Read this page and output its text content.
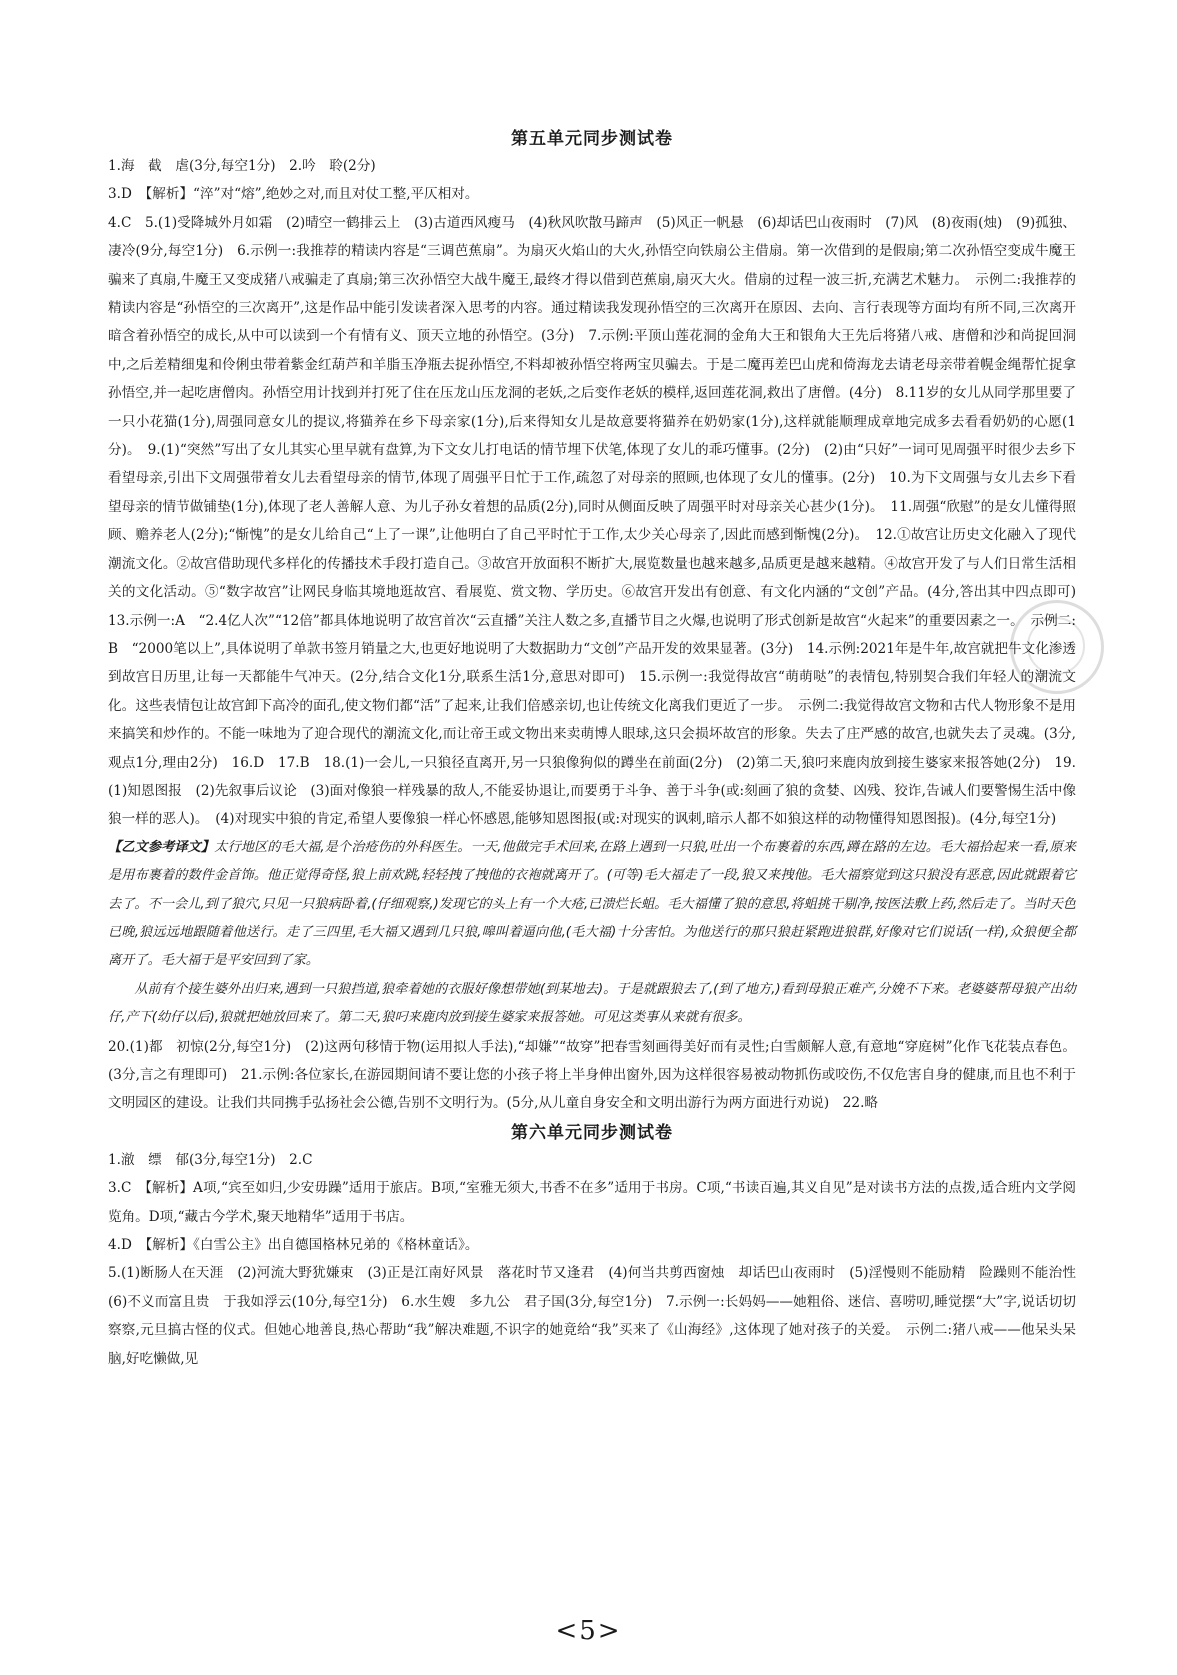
第五单元同步测试卷
1.海　截　虐(3分,每空1分)　2.吟　聆(2分)
3.D　【解析】“淬”对“熔”,绝妙之对,而且对仗工整,平仄相对。
4.C　5.(1)受降城外月如霜　(2)晴空一鹤排云上　(3)古道西风瘦马　(4)秋风吹散马蹄声　(5)风正一帆悬　(6)却话巴山夜雨时　(7)风　(8)夜雨(烛)　(9)孤独、凄冷(9分,每空1分)　6.示例一:我推荐的精读内容是“三调芭蕉扇”。为扇灭火焰山的大火,孙悟空向铁扇公主借扇。第一次借到的是假扇;第二次孙悟空变成牛魔王骗来了真扇,牛魔王又变成猪八戒骗走了真扇;第三次孙悟空大战牛魔王,最终才得以借到芭蕉扇,扇灭大火。借扇的过程一波三折,充满艺术魅力。　示例二:我推荐的精读内容是“孙悟空的三次离开”,这是作品中能引发读者深入思考的内容。通过精读我发现孙悟空的三次离开在原因、去向、言行表现等方面均有所不同,三次离开暗含着孙悟空的成长,从中可以读到一个有情有义、顶天立地的孙悟空。(3分)　7.示例:平顶山莲花洞的金角大王和银角大王先后将猪八戒、唐僧和沙和尚捉回洞中,之后差精细鬼和伶俐虫带着紫金红葫芦和羊脂玉净瓶去捉孙悟空,不料却被孙悟空将两宝贝骗去。于是二魔再差巴山虎和倚海龙去请老母亲带着幌金绳帮忙捉拿孙悟空,并一起吃唐僧肉。孙悟空用计找到并打死了住在压龙山压龙洞的老妖,之后变作老妖的模样,返回莲花洞,救出了唐僧。(4分)　8.11岁的女儿从同学那里要了一只小花猫(1分),周强同意女儿的提议,将猫养在乡下母亲家(1分),后来得知女儿是故意要将猫养在奶奶家(1分),这样就能顺理成章地完成多去看看奶奶的心愿(1分)。　9.(1)“突然”写出了女儿其实心里早就有盘算,为下文女儿打电话的情节埋下伏笔,体现了女儿的乖巧懂事。(2分)　(2)由“只好”一词可见周强平时很少去乡下看望母亲,引出下文周强带着女儿去看望母亲的情节,体现了周强平日忙于工作,疏忽了对母亲的照顾,也体现了女儿的懂事。(2分)　10.为下文周强与女儿去乡下看望母亲的情节做铺垫(1分),体现了老人善解人意、为儿子孙女着想的品质(2分),同时从侧面反映了周强平时对母亲关心甚少(1分)。　11.周强“欣慰”的是女儿懂得照顾、赡养老人(2分);“惭愧”的是女儿给自己“上了一课”,让他明白了自己平时忙于工作,太少关心母亲了,因此而感到惭愧(2分)。　12.①故宫让历史文化融入了现代潮流文化。②故宫借助现代多样化的传播技术手段打造自己。③故宫开放面积不断扩大,展览数量也越来越多,品质更是越来越精。④故宫开发了与人们日常生活相关的文化活动。⑤“数字故宫”让网民身临其境地逛故宫、看展览、赏文物、学历史。⑥故宫开发出有创意、有文化内涵的“文创”产品。(4分,答出其中四点即可)　13.示例一:A　“2.4亿人次”“12倍”都具体地说明了故宫首次“云直播”关注人数之多,直播节目之火爆,也说明了形式创新是故宫“火起来”的重要因素之一。　示例二:B　“2000笔以上”,具体说明了单款书签月销量之大,也更好地说明了大数据助力“文创”产品开发的效果显著。(3分)　14.示例:2021年是牛年,故宫就把牛文化渗透到故宫日历里,让每一天都能牛气冲天。(2分,结合文化1分,联系生活1分,意思对即可)　15.示例一:我觉得故宫“萌萌哒”的表情包,特别契合我们年轻人的潮流文化。这些表情包让故宫卸下高冷的面孔,使文物们都“活”了起来,让我们倍感亲切,也让传统文化离我们更近了一步。　示例二:我觉得故宫文物和古代人物形象不是用来搞笑和炒作的。不能一味地为了迎合现代的潮流文化,而让帝王或文物出来卖萌博人眼球,这只会损坏故宫的形象。失去了庄严感的故宫,也就失去了灵魂。(3分,观点1分,理由2分)　16.D　17.B　18.(1)一会儿,一只狼径直离开,另一只狼像狗似的蹲坐在前面(2分)　(2)第二天,狼叼来鹿肉放到接生婆家来报答她(2分)　19.(1)知恩图报　(2)先叙事后议论　(3)面对像狼一样残暴的敌人,不能妥协退让,而要勇于斗争、善于斗争(或:刻画了狼的贪婪、凶残、狡诈,告诫人们要警惕生活中像狼一样的恶人)。　(4)对现实中狼的肯定,希望人要像狼一样心怀感恩,能够知恩图报(或:对现实的讽刺,暗示人都不如狼这样的动物懂得知恩图报)。(4分,每空1分)
【乙文参考译文】太行地区的毛大福,是个治疮伤的外科医生。一天,他做完手术回来,在路上遇到一只狼,吐出一个布裹着的东西,蹲在路的左边。毛大福拾起来一看,原来是用布裹着的数件金首饰。他正觉得奇怪,狼上前欢跳,轻轻拽了拽他的衣袍就离开了。(可等)毛大福走了一段,狼又来拽他。毛大福察觉到这只狼没有恶意,因此就跟着它去了。不一会儿,到了狼穴,只见一只狼病卧着,(仔细观察,)发现它的头上有一个大疮,已溃烂长蛆。毛大福懂了狼的意思,将蛆挑干剔净,按医法敷上药,然后走了。当时天色已晚,狼远远地跟随着他送行。走了三四里,毛大福又遇到几只狼,嗥叫着逼向他,(毛大福)十分害怕。为他送行的那只狼赶紧跑进狼群,好像对它们说话(一样),众狼便全都离开了。毛大福于是平安回到了家。
从前有个接生婆外出归来,遇到一只狼挡道,狼牵着她的衣服好像想带她(到某地去)。于是就跟狼去了,(到了地方,)看到母狼正难产,分娩不下来。老婆婆帮母狼产出幼仔,产下(幼仔以后),狼就把她放回来了。第二天,狼叼来鹿肉放到接生婆家来报答她。可见这类事从来就有很多。
20.(1)都　初惊(2分,每空1分)　(2)这两句移情于物(运用拟人手法),“却嫌”“故穿”把春雪刻画得美好而有灵性;白雪颇解人意,有意地“穿庭树”化作飞花装点春色。(3分,言之有理即可)　21.示例:各位家长,在游园期间请不要让您的小孩子将上半身伸出窗外,因为这样很容易被动物抓伤或咬伤,不仅危害自身的健康,而且也不利于文明园区的建设。让我们共同携手弘扬社会公德,告别不文明行为。(5分,从儿童自身安全和文明出游行为两方面进行劝说)　22.略
第六单元同步测试卷
1.澈　缥　郁(3分,每空1分)　2.C
3.C　【解析】A项,“宾至如归,少安毋躁”适用于旅店。B项,“室雅无须大,书香不在多”适用于书房。C项,“书读百遍,其义自见”是对读书方法的点拨,适合班内文学阅览角。D项,“藏古今学术,聚天地精华”适用于书店。
4.D　【解析】《白雪公主》出自德国格林兄弟的《格林童话》。
5.(1)断肠人在天涯　(2)河流大野犹嫌束　(3)正是江南好风景　落花时节又逢君　(4)何当共剪西窗烛　却话巴山夜雨时　(5)淫慢则不能励精　险躁则不能治性　(6)不义而富且贵　于我如浮云(10分,每空1分)　6.水生嫂　多九公　君子国(3分,每空1分)　7.示例一:长妈妈——她粗俗、迷信、喜唠叨,睡觉摆“大”字,说话切切察察,元旦搞古怪的仪式。但她心地善良,热心帮助“我”解决难题,不识字的她竟给“我”买来了《山海经》,这体现了她对孩子的关爱。　示例二:猪八戒——他呆头呆脑,好吃懒做,见
<5>
